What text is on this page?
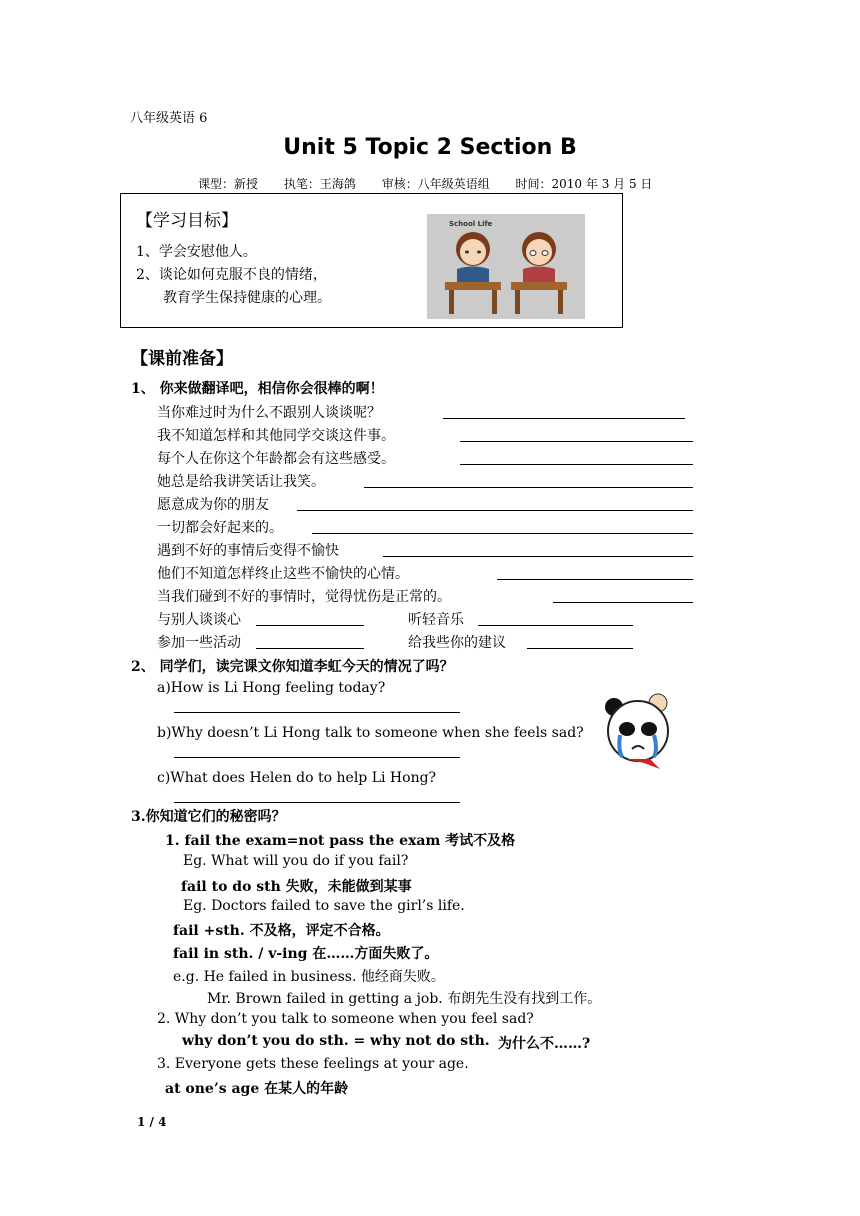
八年级英语 6
Unit 5 Topic 2 Section B
课型：新授 执笔：王海鸽 审核：八年级英语组 时间：2010 年 3 月 5 日
【学习目标】
1、学会安慰他人。
2、谈论如何克服不良的情绪，
教育学生保持健康的心理。
School Life
【课前准备】
1、 你来做翻译吧，相信你会很棒的啊！
当你难过时为什么不跟别人谈谈呢？
我不知道怎样和其他同学交谈这件事。
每个人在你这个年龄都会有这些感受。
她总是给我讲笑话让我笑。
愿意成为你的朋友
一切都会好起来的。
遇到不好的事情后变得不愉快
他们不知道怎样终止这些不愉快的心情。
当我们碰到不好的事情时，觉得忧伤是正常的。
与别人谈谈心	听轻音乐
参加一些活动	给我些你的建议
2、 同学们，读完课文你知道李虹今天的情况了吗？
a)How is Li Hong feeling today?
b)Why doesn’t Li Hong talk to someone when she feels sad?
c)What does Helen do to help Li Hong?
3.你知道它们的秘密吗？
1. fail the exam=not pass the exam 考试不及格
Eg. What will you do if you fail?
fail to do sth 失败，未能做到某事
Eg. Doctors failed to save the girl’s life.
fail +sth. 不及格，评定不合格。
fail in sth. / v-ing 在……方面失败了。
e.g. He failed in business. 他经商失败。
Mr. Brown failed in getting a job. 布朗先生没有找到工作。
2. Why don’t you talk to someone when you feel sad?
why don’t you do sth. = why not do sth. 为什么不……?
3. Everyone gets these feelings at your age.
at one’s age 在某人的年龄
1 / 4
